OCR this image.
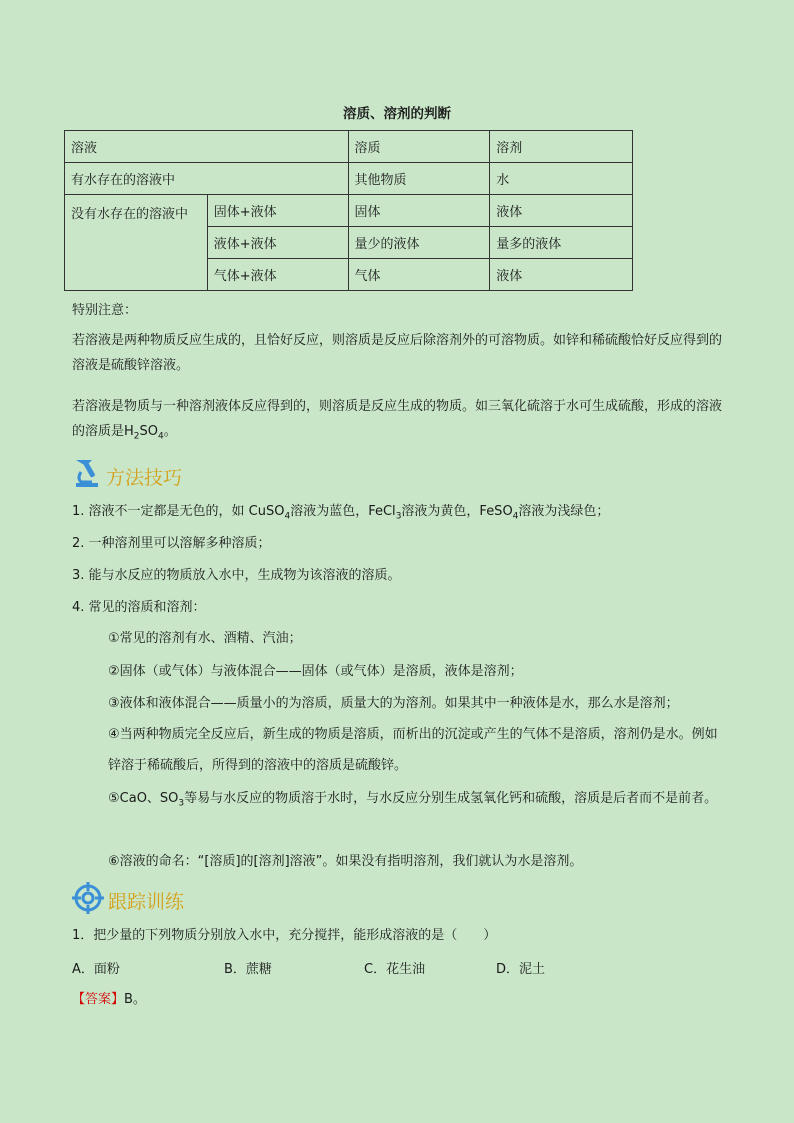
溶质、溶剂的判断
溶液		溶质	溶剂
有水存在的溶液中		其他物质	水
没有水存在的溶液中	固体+液体	固体	液体
	液体+液体	量少的液体	量多的液体
	气体+液体	气体	液体
特别注意：
若溶液是两种物质反应生成的，且恰好反应，则溶质是反应后除溶剂外的可溶物质。如锌和稀硫酸恰好反应得到的溶液是硫酸锌溶液。
若溶液是物质与一种溶剂液体反应得到的，则溶质是反应生成的物质。如三氧化硫溶于水可生成硫酸，形成的溶液的溶质是$H_2SO_4$。
方法技巧
1. 溶液不一定都是无色的，如 CuSO$_4$溶液为蓝色，FeCl$_3$溶液为黄色，FeSO$_4$溶液为浅绿色；
2. 一种溶剂里可以溶解多种溶质；
3. 能与水反应的物质放入水中，生成物为该溶液的溶质。
4. 常见的溶质和溶剂：
①常见的溶剂有水、酒精、汽油；
②固体（或气体）与液体混合——固体（或气体）是溶质，液体是溶剂；
③液体和液体混合——质量小的为溶质，质量大的为溶剂。如果其中一种液体是水，那么水是溶剂；
④当两种物质完全反应后，新生成的物质是溶质，而析出的沉淀或产生的气体不是溶质，溶剂仍是水。例如锌溶于稀硫酸后，所得到的溶液中的溶质是硫酸锌。
⑤CaO、$SO_3$等易与水反应的物质溶于水时，与水反应分别生成氢氧化钙和硫酸，溶质是后者而不是前者。
⑥溶液的命名：“[溶质]的[溶剂]溶液”。如果没有指明溶剂，我们就认为水是溶剂。
跟踪训练
1．把少量的下列物质分别放入水中，充分搅拌，能形成溶液的是（　　）
A．面粉	B．蔗糖	C．花生油	D．泥土
【答案】B。
